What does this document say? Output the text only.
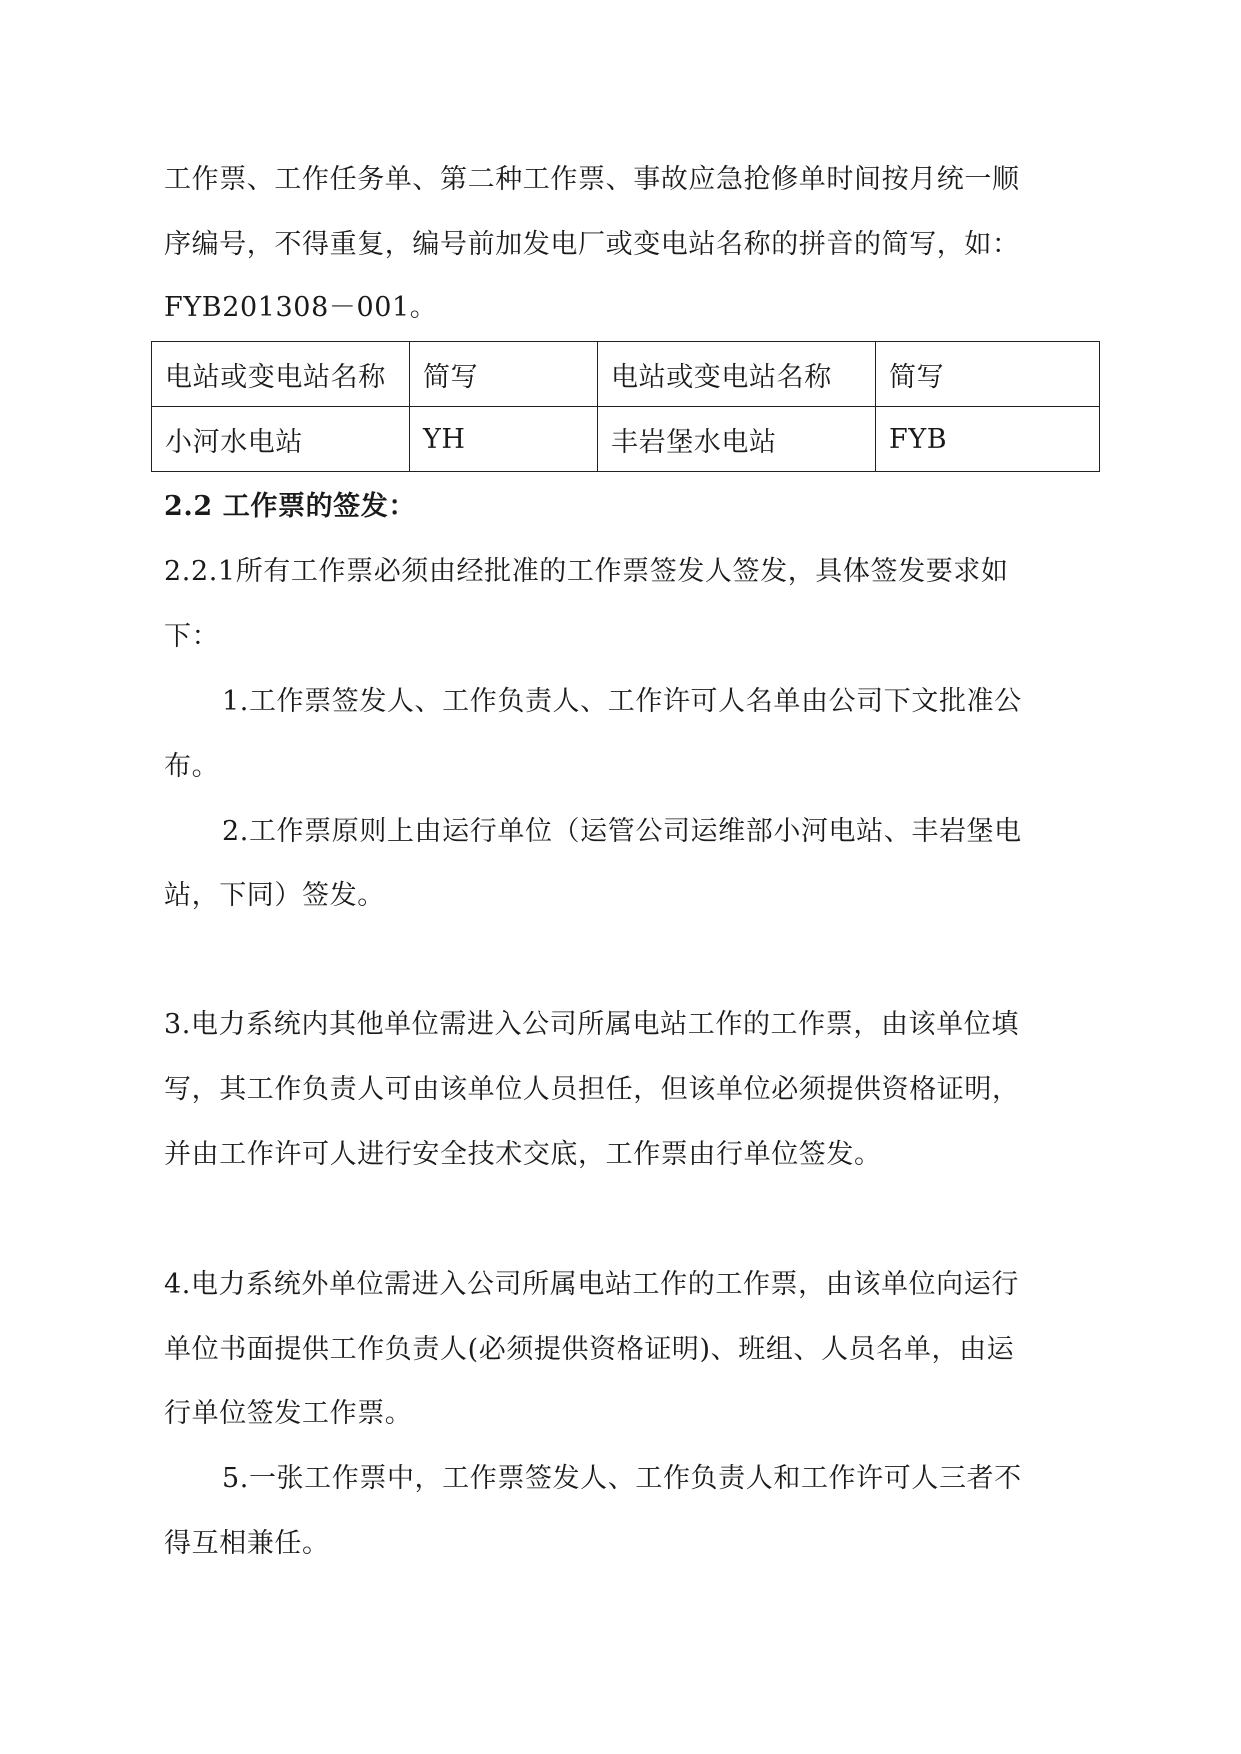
工作票、工作任务单、第二种工作票、事故应急抢修单时间按月统一顺
序编号，不得重复，编号前加发电厂或变电站名称的拼音的简写，如：
FYB201308－001。
电站或变电站名称	简写	电站或变电站名称	简写
小河水电站	YH	丰岩堡水电站	FYB
2.2 工作票的签发：
2.2.1所有工作票必须由经批准的工作票签发人签发，具体签发要求如
下：
1.工作票签发人、工作负责人、工作许可人名单由公司下文批准公
布。
2.工作票原则上由运行单位（运管公司运维部小河电站、丰岩堡电
站，下同）签发。
3.电力系统内其他单位需进入公司所属电站工作的工作票，由该单位填
写，其工作负责人可由该单位人员担任，但该单位必须提供资格证明，
并由工作许可人进行安全技术交底，工作票由行单位签发。
4.电力系统外单位需进入公司所属电站工作的工作票，由该单位向运行
单位书面提供工作负责人(必须提供资格证明)、班组、人员名单，由运
行单位签发工作票。
5.一张工作票中，工作票签发人、工作负责人和工作许可人三者不
得互相兼任。
